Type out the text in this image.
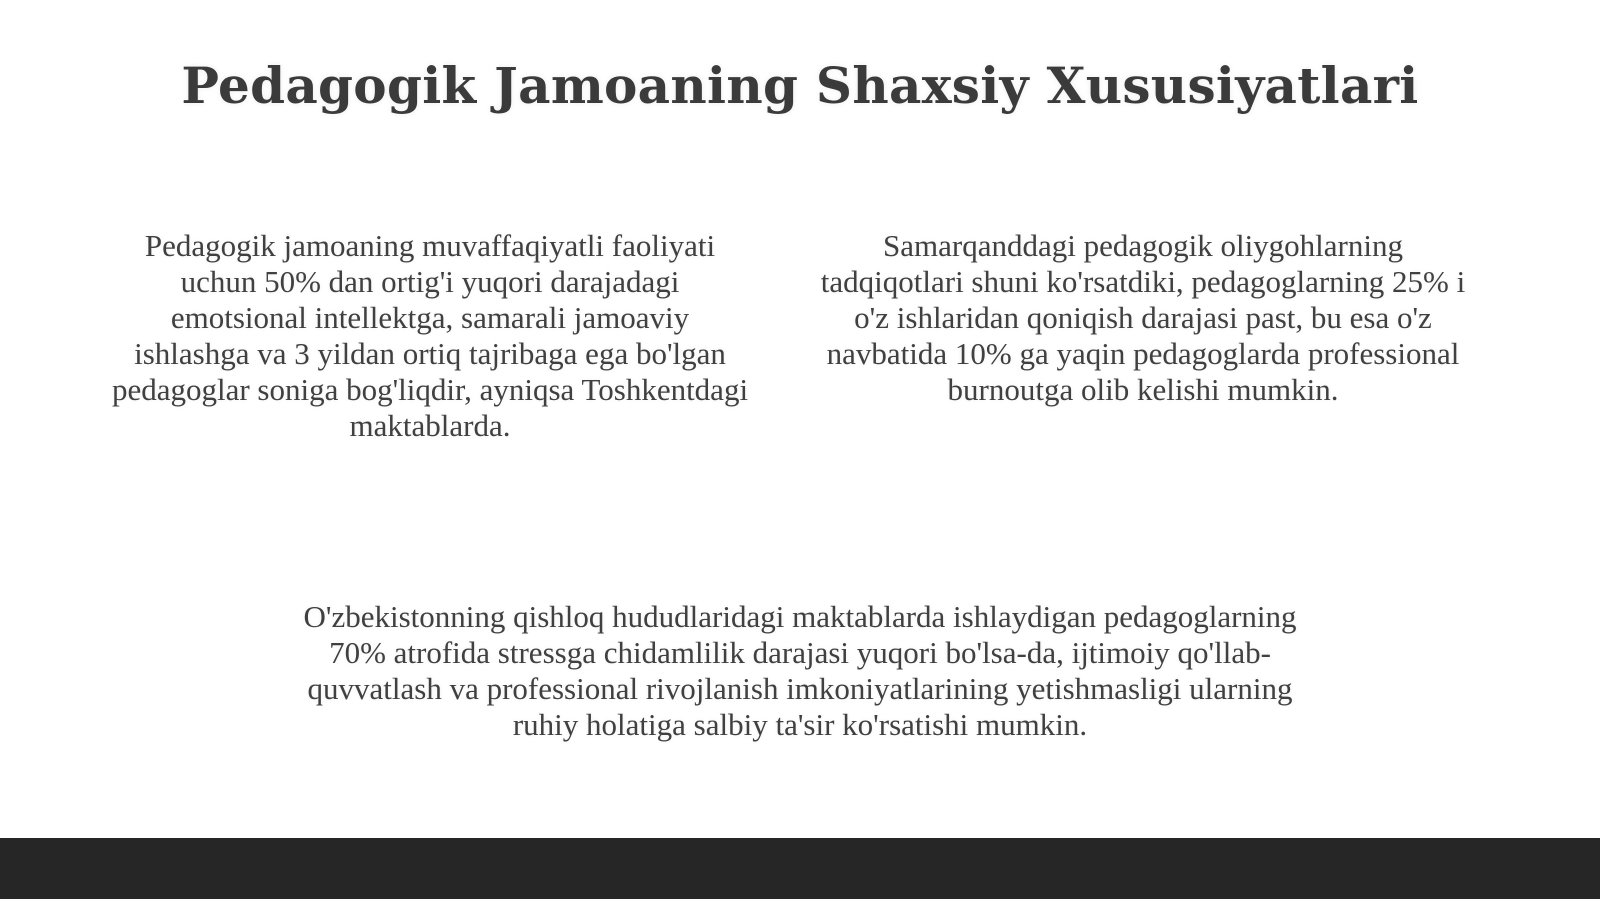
Pedagogik Jamoaning Shaxsiy Xususiyatlari

Pedagogik jamoaning muvaffaqiyatli faoliyati uchun 50% dan ortig'i yuqori darajadagi emotsional intellektga, samarali jamoaviy ishlashga va 3 yildan ortiq tajribaga ega bo'lgan pedagoglar soniga bog'liqdir, ayniqsa Toshkentdagi maktablarda.

Samarqanddagi pedagogik oliygohlarning tadqiqotlari shuni ko'rsatdiki, pedagoglarning 25% i o'z ishlaridan qoniqish darajasi past, bu esa o'z navbatida 10% ga yaqin pedagoglarda professional burnoutga olib kelishi mumkin.

O'zbekistonning qishloq hududlaridagi maktablarda ishlaydigan pedagoglarning 70% atrofida stressga chidamlilik darajasi yuqori bo'lsa-da, ijtimoiy qo'llab-quvvatlash va professional rivojlanish imkoniyatlarining yetishmasligi ularning ruhiy holatiga salbiy ta'sir ko'rsatishi mumkin.
